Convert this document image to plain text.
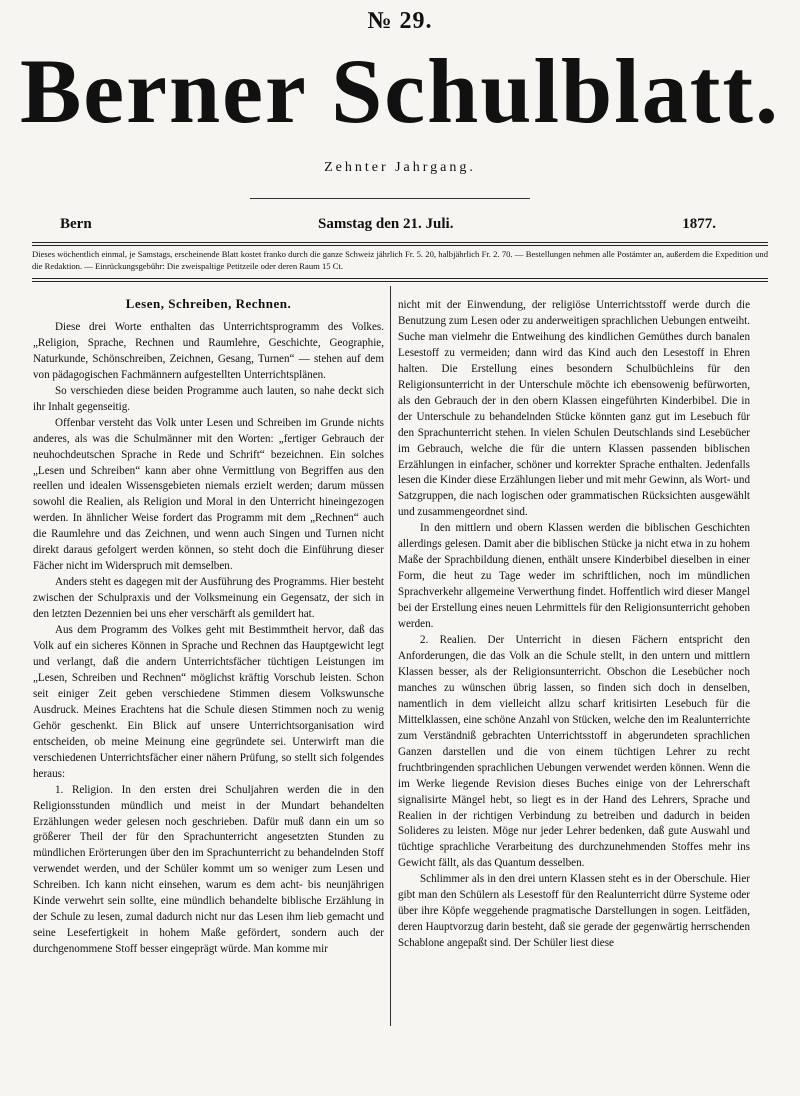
№ 29.
Berner Schulblatt.
Zehnter Jahrgang.
Bern	Samstag den 21. Juli.	1877.
Dieses wöchentlich einmal, je Samstags, erscheinende Blatt kostet franko durch die ganze Schweiz jährlich Fr. 5. 20, halbjährlich Fr. 2. 70. — Bestellungen nehmen alle Postämter an, außerdem die Expedition und die Redaktion. — Einrückungsgebühr: Die zweispaltige Petitzeile oder deren Raum 15 Ct.
Lesen, Schreiben, Rechnen.

Diese drei Worte enthalten das Unterrichtsprogramm des Volkes. „Religion, Sprache, Rechnen und Raumlehre, Geschichte, Geographie, Naturkunde, Schönschreiben, Zeichnen, Gesang, Turnen“ — stehen auf dem von pädagogischen Fachmännern aufgestellten Unterrichtsplänen.

So verschieden diese beiden Programme auch lauten, so nahe deckt sich ihr Inhalt gegenseitig.

Offenbar versteht das Volk unter Lesen und Schreiben im Grunde nichts anderes, als was die Schulmänner mit den Worten: „fertiger Gebrauch der neuhochdeutschen Sprache in Rede und Schrift“ bezeichnen. Ein solches „Lesen und Schreiben“ kann aber ohne Vermittlung von Begriffen aus den reellen und idealen Wissensgebieten niemals erzielt werden; darum müssen sowohl die Realien, als Religion und Moral in den Unterricht hineingezogen werden. In ähnlicher Weise fordert das Programm mit dem „Rechnen“ auch die Raumlehre und das Zeichnen, und wenn auch Singen und Turnen nicht direkt daraus gefolgert werden können, so steht doch die Einführung dieser Fächer nicht im Widerspruch mit demselben.

Anders steht es dagegen mit der Ausführung des Programms. Hier besteht zwischen der Schulpraxis und der Volksmeinung ein Gegensatz, der sich in den letzten Dezennien bei uns eher verschärft als gemildert hat.

Aus dem Programm des Volkes geht mit Bestimmtheit hervor, daß das Volk auf ein sicheres Können in Sprache und Rechnen das Hauptgewicht legt und verlangt, daß die andern Unterrichtsfächer tüchtigen Leistungen im „Lesen, Schreiben und Rechnen“ möglichst kräftig Vorschub leisten. Schon seit einiger Zeit geben verschiedene Stimmen diesem Volkswunsche Ausdruck. Meines Erachtens hat die Schule diesen Stimmen noch zu wenig Gehör geschenkt. Ein Blick auf unsere Unterrichtsorganisation wird entscheiden, ob meine Meinung eine gegründete sei. Unterwirft man die verschiedenen Unterrichtsfächer einer nähern Prüfung, so stellt sich folgendes heraus:

1. Religion. In den ersten drei Schuljahren werden die in den Religionsstunden mündlich und meist in der Mundart behandelten Erzählungen weder gelesen noch geschrieben. Dafür muß dann ein um so größerer Theil der für den Sprachunterricht angesetzten Stunden zu mündlichen Erörterungen über den im Sprachunterricht zu behandelnden Stoff verwendet werden, und der Schüler kommt um so weniger zum Lesen und Schreiben. Ich kann nicht einsehen, warum es dem acht- bis neunjährigen Kinde verwehrt sein sollte, eine mündlich behandelte biblische Erzählung in der Schule zu lesen, zumal dadurch nicht nur das Lesen ihm lieb gemacht und seine Lesefertigkeit in hohem Maße gefördert, sondern auch der durchgenommene Stoff besser eingeprägt würde. Man komme mir

nicht mit der Einwendung, der religiöse Unterrichtsstoff werde durch die Benutzung zum Lesen oder zu anderweitigen sprachlichen Uebungen entweiht. Suche man vielmehr die Entweihung des kindlichen Gemüthes durch banalen Lesestoff zu vermeiden; dann wird das Kind auch den Lesestoff in Ehren halten. Die Erstellung eines besondern Schulbüchleins für den Religionsunterricht in der Unterschule möchte ich ebensowenig befürworten, als den Gebrauch der in den obern Klassen eingeführten Kinderbibel. Die in der Unterschule zu behandelnden Stücke könnten ganz gut im Lesebuch für den Sprachunterricht stehen. In vielen Schulen Deutschlands sind Lesebücher im Gebrauch, welche die für die untern Klassen passenden biblischen Erzählungen in einfacher, schöner und korrekter Sprache enthalten. Jedenfalls lesen die Kinder diese Erzählungen lieber und mit mehr Gewinn, als Wort- und Satzgruppen, die nach logischen oder grammatischen Rücksichten ausgewählt und zusammengeordnet sind.

In den mittlern und obern Klassen werden die biblischen Geschichten allerdings gelesen. Damit aber die biblischen Stücke ja nicht etwa in zu hohem Maße der Sprachbildung dienen, enthält unsere Kinderbibel dieselben in einer Form, die heut zu Tage weder im schriftlichen, noch im mündlichen Sprachverkehr allgemeine Verwerthung findet. Hoffentlich wird dieser Mangel bei der Erstellung eines neuen Lehrmittels für den Religionsunterricht gehoben werden.

2. Realien. Der Unterricht in diesen Fächern entspricht den Anforderungen, die das Volk an die Schule stellt, in den untern und mittlern Klassen besser, als der Religionsunterricht. Obschon die Lesebücher noch manches zu wünschen übrig lassen, so finden sich doch in denselben, namentlich in dem vielleicht allzu scharf kritisirten Lesebuch für die Mittelklassen, eine schöne Anzahl von Stücken, welche den im Realunterrichte zum Verständniß gebrachten Unterrichtsstoff in abgerundeten sprachlichen Ganzen darstellen und die von einem tüchtigen Lehrer zu recht fruchtbringenden sprachlichen Uebungen verwendet werden können. Wenn die im Werke liegende Revision dieses Buches einige von der Lehrerschaft signalisirte Mängel hebt, so liegt es in der Hand des Lehrers, Sprache und Realien in der richtigen Verbindung zu betreiben und dadurch in beiden Solideres zu leisten. Möge nur jeder Lehrer bedenken, daß gute Auswahl und tüchtige sprachliche Verarbeitung des durchzunehmenden Stoffes mehr ins Gewicht fällt, als das Quantum desselben.

Schlimmer als in den drei untern Klassen steht es in der Oberschule. Hier gibt man den Schülern als Lesestoff für den Realunterricht dürre Systeme oder über ihre Köpfe weggehende pragmatische Darstellungen in sogen. Leitfäden, deren Hauptvorzug darin besteht, daß sie gerade der gegenwärtig herrschenden Schablone angepaßt sind. Der Schüler liest diese
